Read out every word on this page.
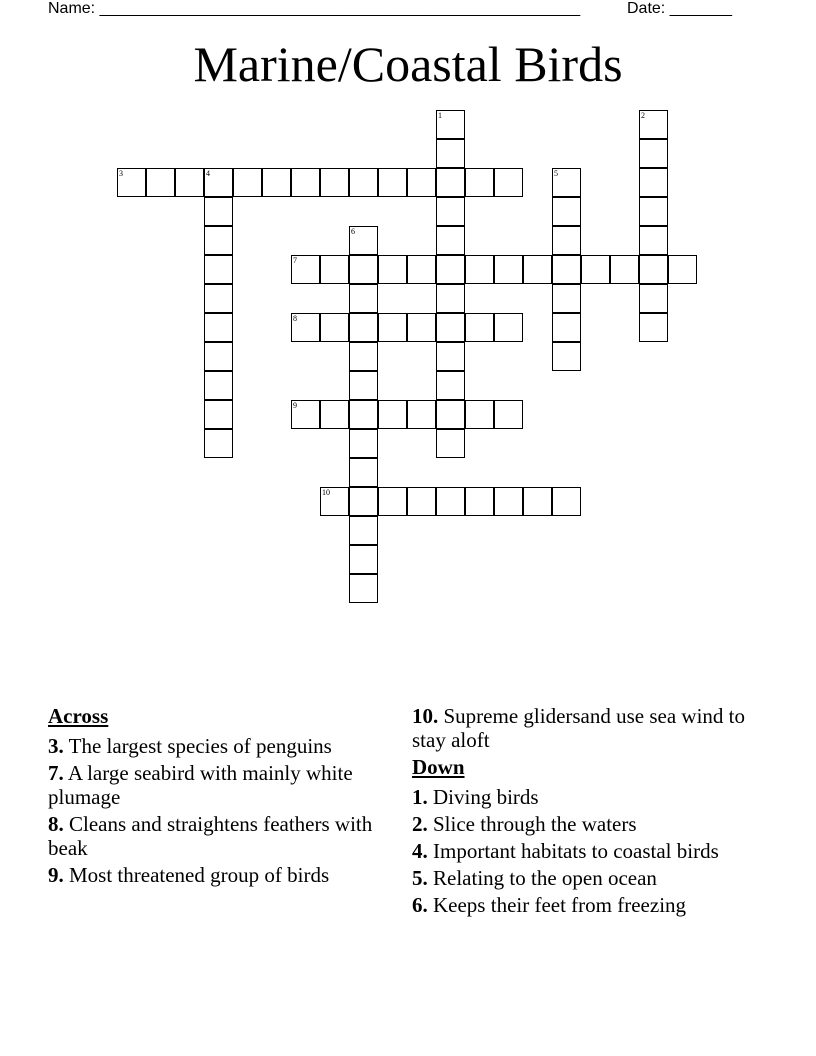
Name: ______________________________________________________	Date: _______
Marine/Coastal Birds
1	2
3	4	5
6
7
8
9
10
Across
3. The largest species of penguins
7. A large seabird with mainly white plumage
8. Cleans and straightens feathers with beak
9. Most threatened group of birds
10. Supreme glidersand use sea wind to stay aloft
Down
1. Diving birds
2. Slice through the waters
4. Important habitats to coastal birds
5. Relating to the open ocean
6. Keeps their feet from freezing
